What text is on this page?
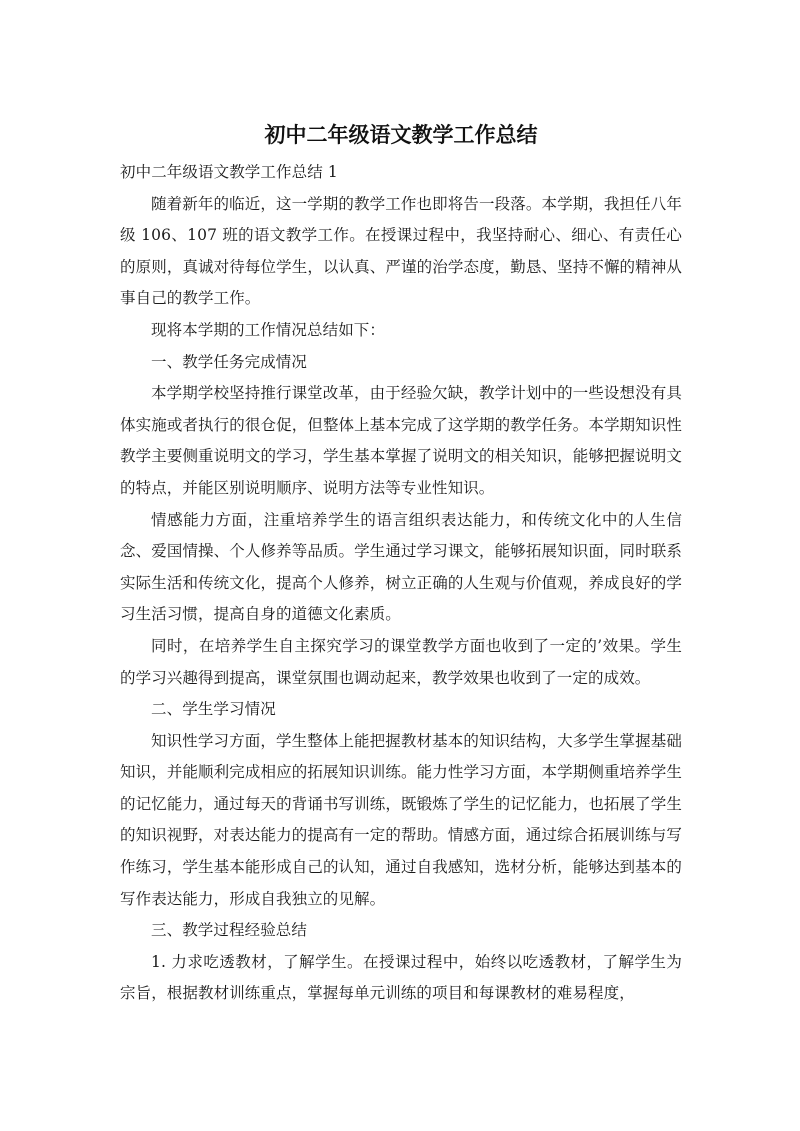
初中二年级语文教学工作总结

初中二年级语文教学工作总结 1

随着新年的临近，这一学期的教学工作也即将告一段落。本学期，我担任八年级 106、107 班的语文教学工作。在授课过程中，我坚持耐心、细心、有责任心的原则，真诚对待每位学生，以认真、严谨的治学态度，勤恳、坚持不懈的精神从事自己的教学工作。

现将本学期的工作情况总结如下：

一、教学任务完成情况

本学期学校坚持推行课堂改革，由于经验欠缺，教学计划中的一些设想没有具体实施或者执行的很仓促，但整体上基本完成了这学期的教学任务。本学期知识性教学主要侧重说明文的学习，学生基本掌握了说明文的相关知识，能够把握说明文的特点，并能区别说明顺序、说明方法等专业性知识。

情感能力方面，注重培养学生的语言组织表达能力，和传统文化中的人生信念、爱国情操、个人修养等品质。学生通过学习课文，能够拓展知识面，同时联系实际生活和传统文化，提高个人修养，树立正确的人生观与价值观，养成良好的学习生活习惯，提高自身的道德文化素质。

同时，在培养学生自主探究学习的课堂教学方面也收到了一定的’效果。学生的学习兴趣得到提高，课堂氛围也调动起来，教学效果也收到了一定的成效。

二、学生学习情况

知识性学习方面，学生整体上能把握教材基本的知识结构，大多学生掌握基础知识，并能顺利完成相应的拓展知识训练。能力性学习方面，本学期侧重培养学生的记忆能力，通过每天的背诵书写训练，既锻炼了学生的记忆能力，也拓展了学生的知识视野，对表达能力的提高有一定的帮助。情感方面，通过综合拓展训练与写作练习，学生基本能形成自己的认知，通过自我感知，选材分析，能够达到基本的写作表达能力，形成自我独立的见解。

三、教学过程经验总结

1. 力求吃透教材，了解学生。在授课过程中，始终以吃透教材，了解学生为宗旨，根据教材训练重点，掌握每单元训练的项目和每课教材的难易程度，
